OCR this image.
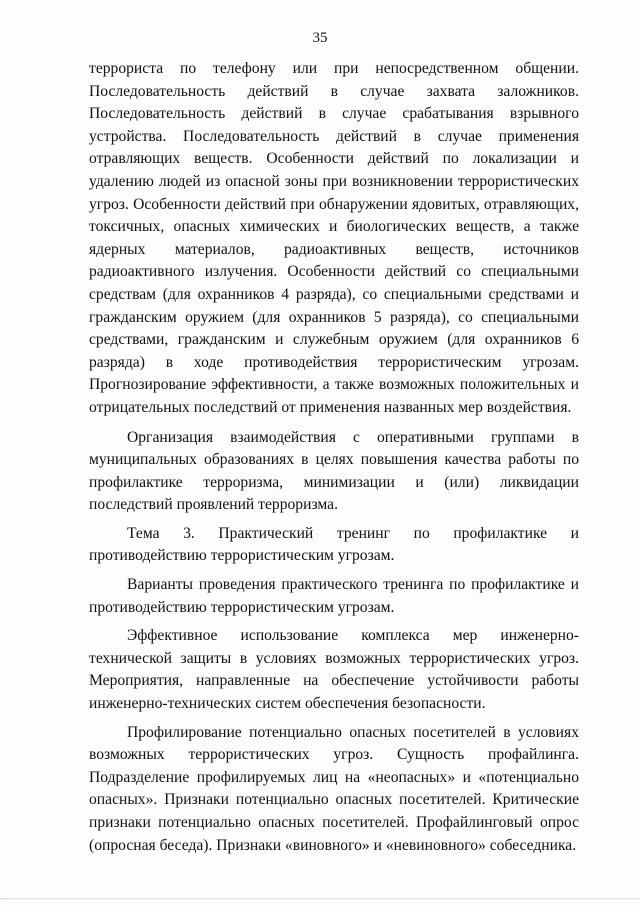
35

террориста по телефону или при непосредственном общении. Последовательность действий в случае захвата заложников. Последовательность действий в случае срабатывания взрывного устройства. Последовательность действий в случае применения отравляющих веществ. Особенности действий по локализации и удалению людей из опасной зоны при возникновении террористических угроз. Особенности действий при обнаружении ядовитых, отравляющих, токсичных, опасных химических и биологических веществ, а также ядерных материалов, радиоактивных веществ, источников радиоактивного излучения. Особенности действий со специальными средствам (для охранников 4 разряда), со специальными средствами и гражданским оружием (для охранников 5 разряда), со специальными средствами, гражданским и служебным оружием (для охранников 6 разряда) в ходе противодействия террористическим угрозам. Прогнозирование эффективности, а также возможных положительных и отрицательных последствий от применения названных мер воздействия.

Организация взаимодействия с оперативными группами в муниципальных образованиях в целях повышения качества работы по профилактике терроризма, минимизации и (или) ликвидации последствий проявлений терроризма.

Тема 3. Практический тренинг по профилактике и противодействию террористическим угрозам.

Варианты проведения практического тренинга по профилактике и противодействию террористическим угрозам.

Эффективное использование комплекса мер инженерно-технической защиты в условиях возможных террористических угроз. Мероприятия, направленные на обеспечение устойчивости работы инженерно-технических систем обеспечения безопасности.

Профилирование потенциально опасных посетителей в условиях возможных террористических угроз. Сущность профайлинга. Подразделение профилируемых лиц на «неопасных» и «потенциально опасных». Признаки потенциально опасных посетителей. Критические признаки потенциально опасных посетителей. Профайлинговый опрос (опросная беседа). Признаки «виновного» и «невиновного» собеседника.
